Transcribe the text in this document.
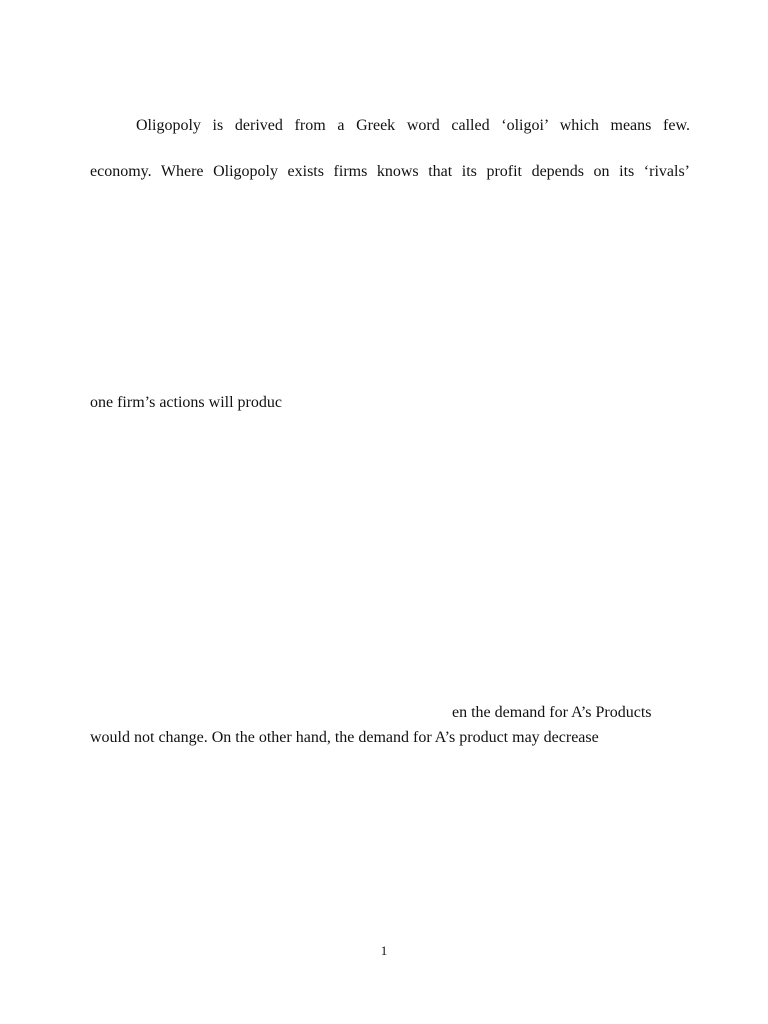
Oligopoly is derived from a Greek word called ‘oligoi’ which means few.
economy. Where Oligopoly exists firms knows that its profit depends on its ‘rivals’
one firm’s actions will produc
en the demand for A’s Products
would not change. On the other hand, the demand for A’s product may decrease
1
